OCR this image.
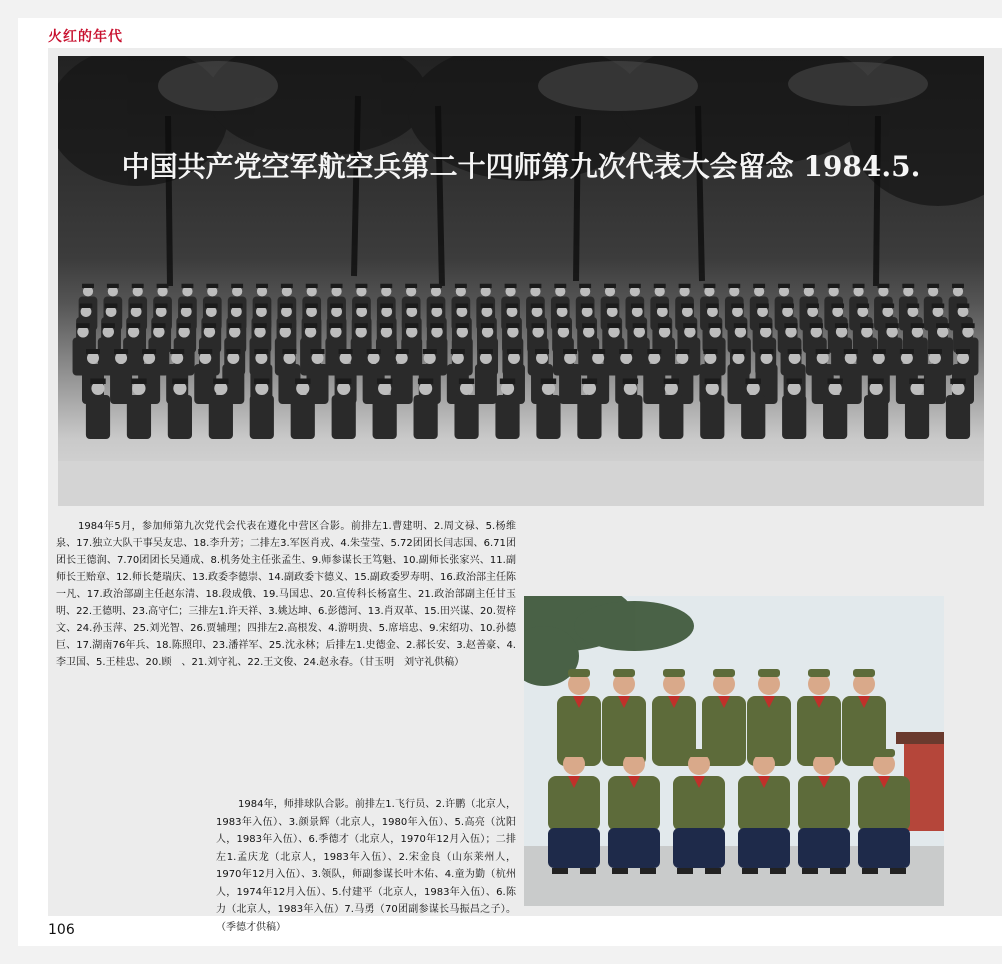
火红的年代
中国共产党空军航空兵第二十四师第九次代表大会留念 1984.5.
1984年5月，参加师第九次党代会代表在遵化中营区合影。前排左1.曹建明、2.周文禄、5.杨维泉、17.独立大队干事吴友忠、18.李升芳；二排左3.军医肖戎、4.朱莹莹、5.72团团长闫志国、6.71团团长王德润、7.70团团长吴通成、8.机务处主任张孟生、9.师参谋长王笃魁、10.副师长张家兴、11.副师长王贻章、12.师长楚瑞庆、13.政委李德崇、14.副政委卞德义、15.副政委罗寿明、16.政治部主任陈一凡、17.政治部副主任赵东清、18.段成俄、19.马国忠、20.宣传科长杨富生、21.政治部副主任甘玉明、22.王德明、23.高守仁；三排左1.许天祥、3.姚达坤、6.彭德河、13.肖双革、15.田兴谋、20.贺梓文、24.孙玉萍、25.刘光智、26.贾辅理；四排左2.高根发、4.游明贵、5.席培忠、9.宋绍功、10.孙德巨、17.湖南76年兵、18.陈照印、23.潘祥军、25.沈永林；后排左1.史德金、2.郝长安、3.赵善豪、4.李卫国、5.王桂忠、20.顾　、21.刘守礼、22.王文俊、24.赵永春。（甘玉明　刘守礼供稿）
1984年，师排球队合影。前排左1.飞行员、2.许鹏（北京人，1983年入伍）、3.颜景辉（北京人，1980年入伍）、5.高亮（沈阳人，1983年入伍）、6.季德才（北京人，1970年12月入伍）；二排左1.孟庆龙（北京人，1983年入伍）、2.宋金良（山东莱州人，1970年12月入伍）、3.领队，师副参谋长叶木佑、4.童为勤（杭州人，1974年12月入伍）、5.付建平（北京人，1983年入伍）、6.陈力（北京人，1983年入伍）7.马勇（70团副参谋长马振昌之子）。（季德才供稿）
106
